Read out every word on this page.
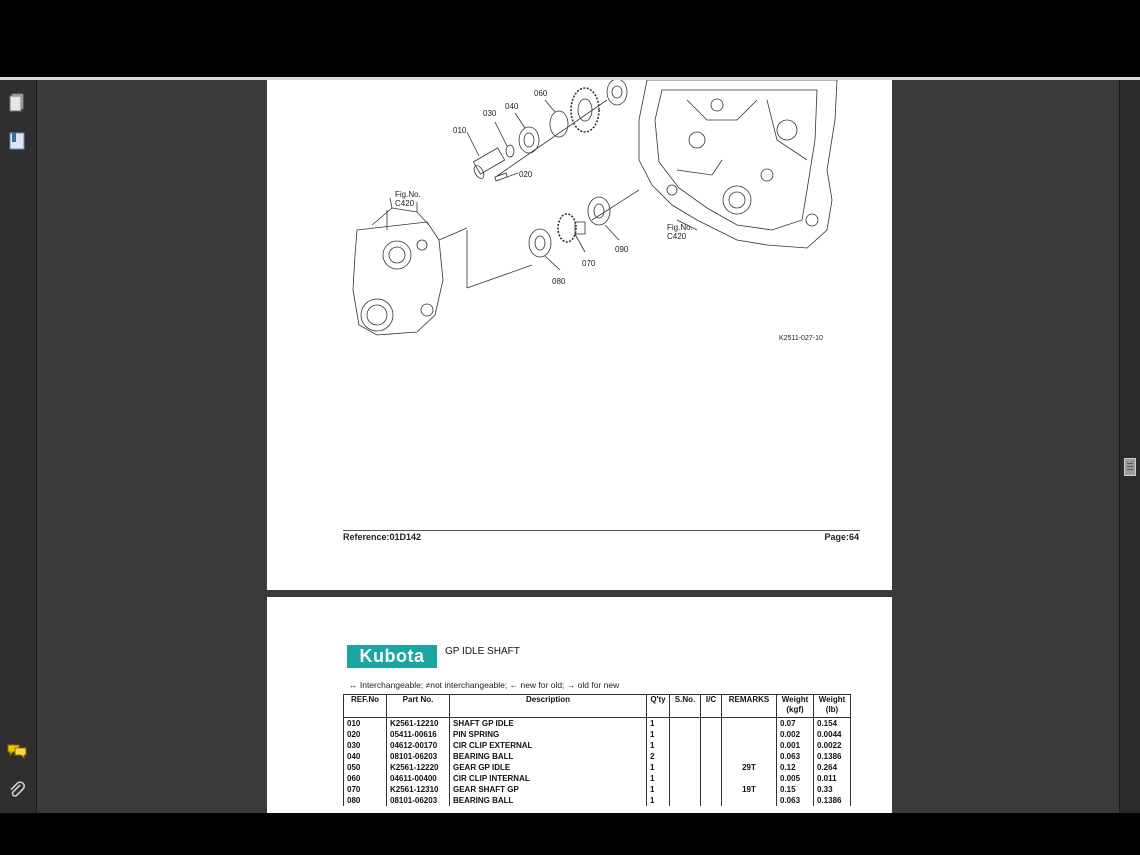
Fig.No.
C420
Fig.No.
C420
010
020
030
040
060
070
080
090
K2511-027-10
Reference:01D142	Page:64
Kubota	GP IDLE SHAFT
↔ Interchangeable; ≠not interchangeable; ← new for old; → old for new
REF.No	Part No.	Description	Q'ty	S.No.	I/C	REMARKS	Weight (kgf)	Weight (lb)
010	K2561-12210	SHAFT GP IDLE	1				0.07	0.154
020	05411-00616	PIN SPRING	1				0.002	0.0044
030	04612-00170	CIR CLIP EXTERNAL	1				0.001	0.0022
040	08101-06203	BEARING BALL	2				0.063	0.1386
050	K2561-12220	GEAR GP IDLE	1			29T	0.12	0.264
060	04611-00400	CIR CLIP INTERNAL	1				0.005	0.011
070	K2561-12310	GEAR SHAFT GP	1			19T	0.15	0.33
080	08101-06203	BEARING BALL	1				0.063	0.1386
